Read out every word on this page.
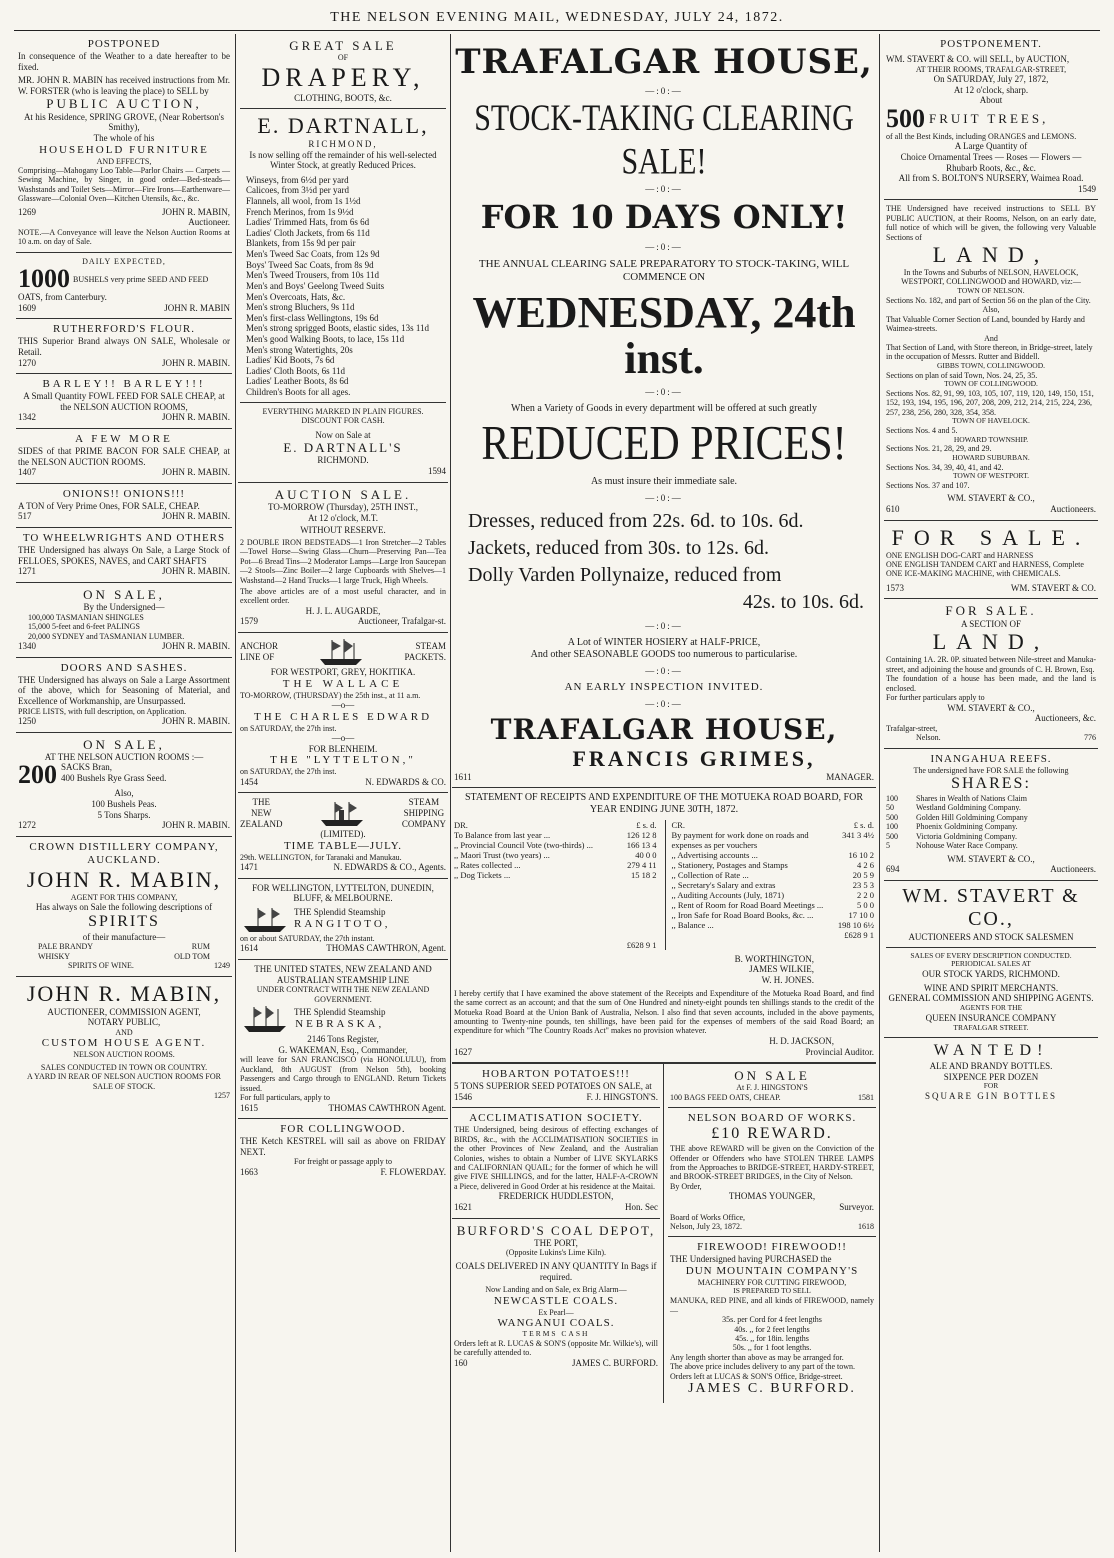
THE NELSON EVENING MAIL, WEDNESDAY, JULY 24, 1872.
POSTPONED
In consequence of the Weather to a date hereafter to be fixed.
MR. JOHN R. MABIN has received instructions from Mr. W. FORSTER (who is leaving the place) to SELL by
PUBLIC AUCTION,
At his Residence, SPRING GROVE, (Near Robertson's Smithy),
The whole of his
HOUSEHOLD FURNITURE
AND EFFECTS,
Comprising—Mahogany Loo Table—Parlor Chairs — Carpets — Sewing Machine, by Singer, in good order—Bed-steads—Washstands and Toilet Sets—Mirror—Fire Irons—Earthenware—Glassware—Colonial Oven—Kitchen Utensils, &c., &c.
1269	JOHN R. MABIN,
Auctioneer.
NOTE.—A Conveyance will leave the Nelson Auction Rooms at 10 a.m. on day of Sale.
DAILY EXPECTED,
1000 BUSHELS very prime SEED AND FEED
OATS, from Canterbury.
1609	JOHN R. MABIN
RUTHERFORD'S FLOUR.
THIS Superior Brand always ON SALE, Wholesale or Retail.
1270	JOHN R. MABIN.
BARLEY!! BARLEY!!!
A Small Quantity FOWL FEED FOR SALE CHEAP, at the NELSON AUCTION ROOMS,
1342	JOHN R. MABIN.
A FEW MORE
SIDES of that PRIME BACON FOR SALE CHEAP, at the NELSON AUCTION ROOMS.
1407	JOHN R. MABIN.
ONIONS!! ONIONS!!!
A TON of Very Prime Ones, FOR SALE, CHEAP.
517	JOHN R. MABIN.
TO WHEELWRIGHTS AND OTHERS
THE Undersigned has always On Sale, a Large Stock of FELLOES, SPOKES, NAVES, and CART SHAFTS
1271	JOHN R. MABIN.
ON SALE,
By the Undersigned—
100,000 TASMANIAN SHINGLES
15,000 5-feet and 6-feet PALINGS
20,000 SYDNEY and TASMANIAN LUMBER.
1340	JOHN R. MABIN.
DOORS AND SASHES.
THE Undersigned has always on Sale a Large Assortment of the above, which for Seasoning of Material, and Excellence of Workmanship, are Unsurpassed.
PRICE LISTS, with full description, on Application.
1250	JOHN R. MABIN.
ON SALE,
AT THE NELSON AUCTION ROOMS :—
200 SACKS Bran,
400 Bushels Rye Grass Seed.
Also,
100 Bushels Peas.
5 Tons Sharps.
1272	JOHN R. MABIN.
CROWN DISTILLERY COMPANY, AUCKLAND.
JOHN R. MABIN,
AGENT FOR THIS COMPANY,
Has always on Sale the following descriptions of
SPIRITS
of their manufacture—
PALE BRANDY	RUM
WHISKY	OLD TOM
SPIRITS OF WINE.	1249
JOHN R. MABIN,
AUCTIONEER, COMMISSION AGENT,
NOTARY PUBLIC,
AND
CUSTOM HOUSE AGENT.
NELSON AUCTION ROOMS.
SALES CONDUCTED IN TOWN OR COUNTRY.
A YARD IN REAR OF NELSON AUCTION ROOMS FOR SALE OF STOCK.
1257
GREAT SALE
OF
DRAPERY,
CLOTHING, BOOTS, &c.
E. DARTNALL,
RICHMOND,
Is now selling off the remainder of his well-selected Winter Stock, at greatly Reduced Prices.
Winseys, from 6½d per yard
Calicoes, from 3½d per yard
Flannels, all wool, from 1s 1½d
French Merinos, from 1s 9½d
Ladies' Trimmed Hats, from 6s 6d
Ladies' Cloth Jackets, from 6s 11d
Blankets, from 15s 9d per pair
Men's Tweed Sac Coats, from 12s 9d
Boys' Tweed Sac Coats, from 8s 9d
Men's Tweed Trousers, from 10s 11d
Men's and Boys' Geelong Tweed Suits
Men's Overcoats, Hats, &c.
Men's strong Bluchers, 9s 11d
Men's first-class Wellingtons, 19s 6d
Men's strong sprigged Boots, elastic sides, 13s 11d
Men's good Walking Boots, to lace, 15s 11d
Men's strong Watertights, 20s
Ladies' Kid Boots, 7s 6d
Ladies' Cloth Boots, 6s 11d
Ladies' Leather Boots, 8s 6d
Children's Boots for all ages.
EVERYTHING MARKED IN PLAIN FIGURES.
DISCOUNT FOR CASH.
Now on Sale at
E. DARTNALL'S
RICHMOND.
1594
AUCTION SALE.
TO-MORROW (Thursday), 25TH INST.,
At 12 o'clock, M.T.
WITHOUT RESERVE.
2 DOUBLE IRON BEDSTEADS—1 Iron Stretcher—2 Tables—Towel Horse—Swing Glass—Churn—Preserving Pan—Tea Pot—6 Bread Tins—2 Moderator Lamps—Large Iron Saucepan—2 Stools—Zinc Boiler—2 large Cupboards with Shelves—1 Washstand—2 Hand Trucks—1 large Truck, High Wheels.
The above articles are of a most useful character, and in excellent order.
H. J. L. AUGARDE,
1579	Auctioneer, Trafalgar-st.
ANCHOR
LINE OF
STEAM
PACKETS.
FOR WESTPORT, GREY, HOKITIKA.
THE WALLACE
TO-MORROW, (THURSDAY) the 25th inst., at 11 a.m.
—o—
THE CHARLES EDWARD
on SATURDAY, the 27th inst.
—o—
FOR BLENHEIM.
THE "LYTTELTON,"
on SATURDAY, the 27th inst.
1454	N. EDWARDS & CO.
THE
NEW
ZEALAND
STEAM
SHIPPING
COMPANY
(LIMITED).
TIME TABLE—JULY.
29th. WELLINGTON, for Taranaki and Manukau.
1471	N. EDWARDS & CO., Agents.
FOR WELLINGTON, LYTTELTON, DUNEDIN, BLUFF, & MELBOURNE.
THE Splendid Steamship
RANGITOTO,
on or about SATURDAY, the 27th instant.
1614	THOMAS CAWTHRON, Agent.
THE UNITED STATES, NEW ZEALAND AND AUSTRALIAN STEAMSHIP LINE
UNDER CONTRACT WITH THE NEW ZEALAND GOVERNMENT.
THE Splendid Steamship
NEBRASKA,
2146 Tons Register,
G. WAKEMAN, Esq., Commander,
will leave for SAN FRANCISCO (via HONOLULU), from Auckland, 8th AUGUST (from Nelson 5th), booking Passengers and Cargo through to ENGLAND. Return Tickets issued.
For full particulars, apply to
1615	THOMAS CAWTHRON Agent.
FOR COLLINGWOOD.
THE Ketch KESTREL will sail as above on FRIDAY NEXT.
For freight or passage apply to
1663	F. FLOWERDAY.
TRAFALGAR HOUSE,
—:0:—
STOCK-TAKING CLEARING SALE!
—:0:—
FOR 10 DAYS ONLY!
—:0:—
THE ANNUAL CLEARING SALE PREPARATORY TO STOCK-TAKING, WILL COMMENCE ON
WEDNESDAY, 24th inst.
—:0:—
When a Variety of Goods in every department will be offered at such greatly
REDUCED PRICES!
As must insure their immediate sale.
—:0:—
Dresses, reduced from 22s. 6d. to 10s. 6d.
Jackets, reduced from 30s. to 12s. 6d.
Dolly Varden Pollynaize, reduced from
42s. to 10s. 6d.
—:0:—
A Lot of WINTER HOSIERY at HALF-PRICE,
And other SEASONABLE GOODS too numerous to particularise.
—:0:—
AN EARLY INSPECTION INVITED.
—:0:—
TRAFALGAR HOUSE,
FRANCIS GRIMES,
1611	MANAGER.
STATEMENT OF RECEIPTS AND EXPENDITURE OF THE MOTUEKA ROAD BOARD, FOR YEAR ENDING JUNE 30TH, 1872.
DR.	£ s. d.
To Balance from last year ...	126 12 8
,, Provincial Council Vote (two-thirds) ...	166 13 4
,, Maori Trust (two years) ...	40 0 0
,, Rates collected ...	279 4 11
,, Dog Tickets ...	15 18 2
£628 9 1
CR.	£ s. d.
By payment for work done on roads and expenses as per vouchers
341 3 4½
,, Advertising accounts ...	16 10 2
,, Stationery, Postages and Stamps	4 2 6
,, Collection of Rate ...	20 5 9
,, Secretary's Salary and extras	23 5 3
,, Auditing Accounts (July, 1871)	2 2 0
,, Rent of Room for Road Board Meetings ...	5 0 0
,, Iron Safe for Road Board Books, &c. ...	17 10 0
,, Balance ...	198 10 6½
£628 9 1
B. WORTHINGTON,
JAMES WILKIE,
W. H. JONES.
I hereby certify that I have examined the above statement of the Receipts and Expenditure of the Motueka Road Board, and find the same correct as an account; and that the sum of One Hundred and ninety-eight pounds ten shillings stands to the credit of the Motueka Road Board at the Union Bank of Australia, Nelson. I also find that seven accounts, included in the above payments, amounting to Twenty-nine pounds, ten shillings, have been paid for the expenses of members of the said Road Board; an expenditure for which "The Country Roads Act" makes no provision whatever.
H. D. JACKSON,
1627	Provincial Auditor.
HOBARTON POTATOES!!!
5 TONS SUPERIOR SEED POTATOES ON SALE, at
1546	F. J. HINGSTON'S.
ACCLIMATISATION SOCIETY.
THE Undersigned, being desirous of effecting exchanges of BIRDS, &c., with the ACCLIMATISATION SOCIETIES in the other Provinces of New Zealand, and the Australian Colonies, wishes to obtain a Number of LIVE SKYLARKS and CALIFORNIAN QUAIL; for the former of which he will give FIVE SHILLINGS, and for the latter, HALF-A-CROWN a Piece, delivered in Good Order at his residence at the Maitai.
FREDERICK HUDDLESTON,
1621	Hon. Sec
BURFORD'S COAL DEPOT,
THE PORT,
(Opposite Lukins's Lime Kiln).
COALS DELIVERED IN ANY QUANTITY In Bags if required.
Now Landing and on Sale, ex Brig Alarm—
NEWCASTLE COALS.
Ex Pearl—
WANGANUI COALS.
TERMS CASH
Orders left at R. LUCAS & SON'S (opposite Mr. Wilkie's), will be carefully attended to.
160	JAMES C. BURFORD.
ON SALE
At F. J. HINGSTON'S
100 BAGS FEED OATS, CHEAP.	1581
NELSON BOARD OF WORKS.
£10 REWARD.
THE above REWARD will be given on the Conviction of the Offender or Offenders who have STOLEN THREE LAMPS from the Approaches to BRIDGE-STREET, HARDY-STREET, and BROOK-STREET BRIDGES, in the City of Nelson.
By Order,
THOMAS YOUNGER,
Surveyor.
Board of Works Office,
Nelson, July 23, 1872.	1618
FIREWOOD! FIREWOOD!!
THE Undersigned having PURCHASED the
DUN MOUNTAIN COMPANY'S
MACHINERY FOR CUTTING FIREWOOD,
IS PREPARED TO SELL
MANUKA, RED PINE, and all kinds of FIREWOOD, namely—
35s. per Cord for 4 feet lengths
40s. ,, for 2 feet lengths
45s. ,, for 18in. lengths
50s. ,, for 1 foot lengths.
Any length shorter than above as may be arranged for.
The above price includes delivery to any part of the town.
Orders left at LUCAS & SON'S Office, Bridge-street.
JAMES C. BURFORD.
POSTPONEMENT.
WM. STAVERT & CO. will SELL, by AUCTION,
AT THEIR ROOMS, TRAFALGAR-STREET,
On SATURDAY, July 27, 1872,
At 12 o'clock, sharp.
About
500 FRUIT TREES,
of all the Best Kinds, including ORANGES and LEMONS.
A Large Quantity of
Choice Ornamental Trees — Roses — Flowers — Rhubarb Roots, &c., &c.
All from S. BOLTON'S NURSERY, Waimea Road.
1549
THE Undersigned have received instructions to SELL BY PUBLIC AUCTION, at their Rooms, Nelson, on an early date, full notice of which will be given, the following very Valuable Sections of
LAND,
In the Towns and Suburbs of NELSON, HAVELOCK, WESTPORT, COLLINGWOOD and HOWARD, viz:—
TOWN OF NELSON.
Sections No. 182, and part of Section 56 on the plan of the City.
Also,
That Valuable Corner Section of Land, bounded by Hardy and Waimea-streets.
And
That Section of Land, with Store thereon, in Bridge-street, lately in the occupation of Messrs. Rutter and Biddell.
GIBBS TOWN, COLLINGWOOD.
Sections on plan of said Town, Nos. 24, 25, 35.
TOWN OF COLLINGWOOD.
Sections Nos. 82, 91, 99, 103, 105, 107, 119, 120, 149, 150, 151, 152, 193, 194, 195, 196, 207, 208, 209, 212, 214, 215, 224, 236, 257, 238, 256, 280, 328, 354, 358.
TOWN OF HAVELOCK.
Sections Nos. 4 and 5.
HOWARD TOWNSHIP.
Sections Nos. 21, 28, 29, and 29.
HOWARD SUBURBAN.
Sections Nos. 34, 39, 40, 41, and 42.
TOWN OF WESTPORT.
Sections Nos. 37 and 107.
WM. STAVERT & CO.,
610	Auctioneers.
FOR SALE.
ONE ENGLISH DOG-CART and HARNESS
ONE ENGLISH TANDEM CART and HARNESS, Complete
ONE ICE-MAKING MACHINE, with CHEMICALS.
1573	WM. STAVERT & CO.
FOR SALE.
A SECTION OF
LAND,
Containing 1A. 2R. 0P. situated between Nile-street and Manuka-street, and adjoining the house and grounds of C. H. Brown, Esq.
The foundation of a house has been made, and the land is enclosed.
For further particulars apply to
WM. STAVERT & CO.,
Auctioneers, &c.
Trafalgar-street,
Nelson.	776
INANGAHUA REEFS.
The undersigned have FOR SALE the following
SHARES:
100	Shares in Wealth of Nations Claim
50	Westland Goldmining Company.
500	Golden Hill Goldmining Company
100	Phoenix Goldmining Company.
500	Victoria Goldmining Company.
5	Nohouse Water Race Company.
WM. STAVERT & CO.,
694	Auctioneers.
WM. STAVERT & CO.,
AUCTIONEERS AND STOCK SALESMEN
SALES OF EVERY DESCRIPTION CONDUCTED.
PERIODICAL SALES AT
OUR STOCK YARDS, RICHMOND.
WINE AND SPIRIT MERCHANTS.
GENERAL COMMISSION AND SHIPPING AGENTS.
AGENTS FOR THE
QUEEN INSURANCE COMPANY
TRAFALGAR STREET.
WANTED!
ALE AND BRANDY BOTTLES.
SIXPENCE PER DOZEN
FOR
SQUARE GIN BOTTLES
